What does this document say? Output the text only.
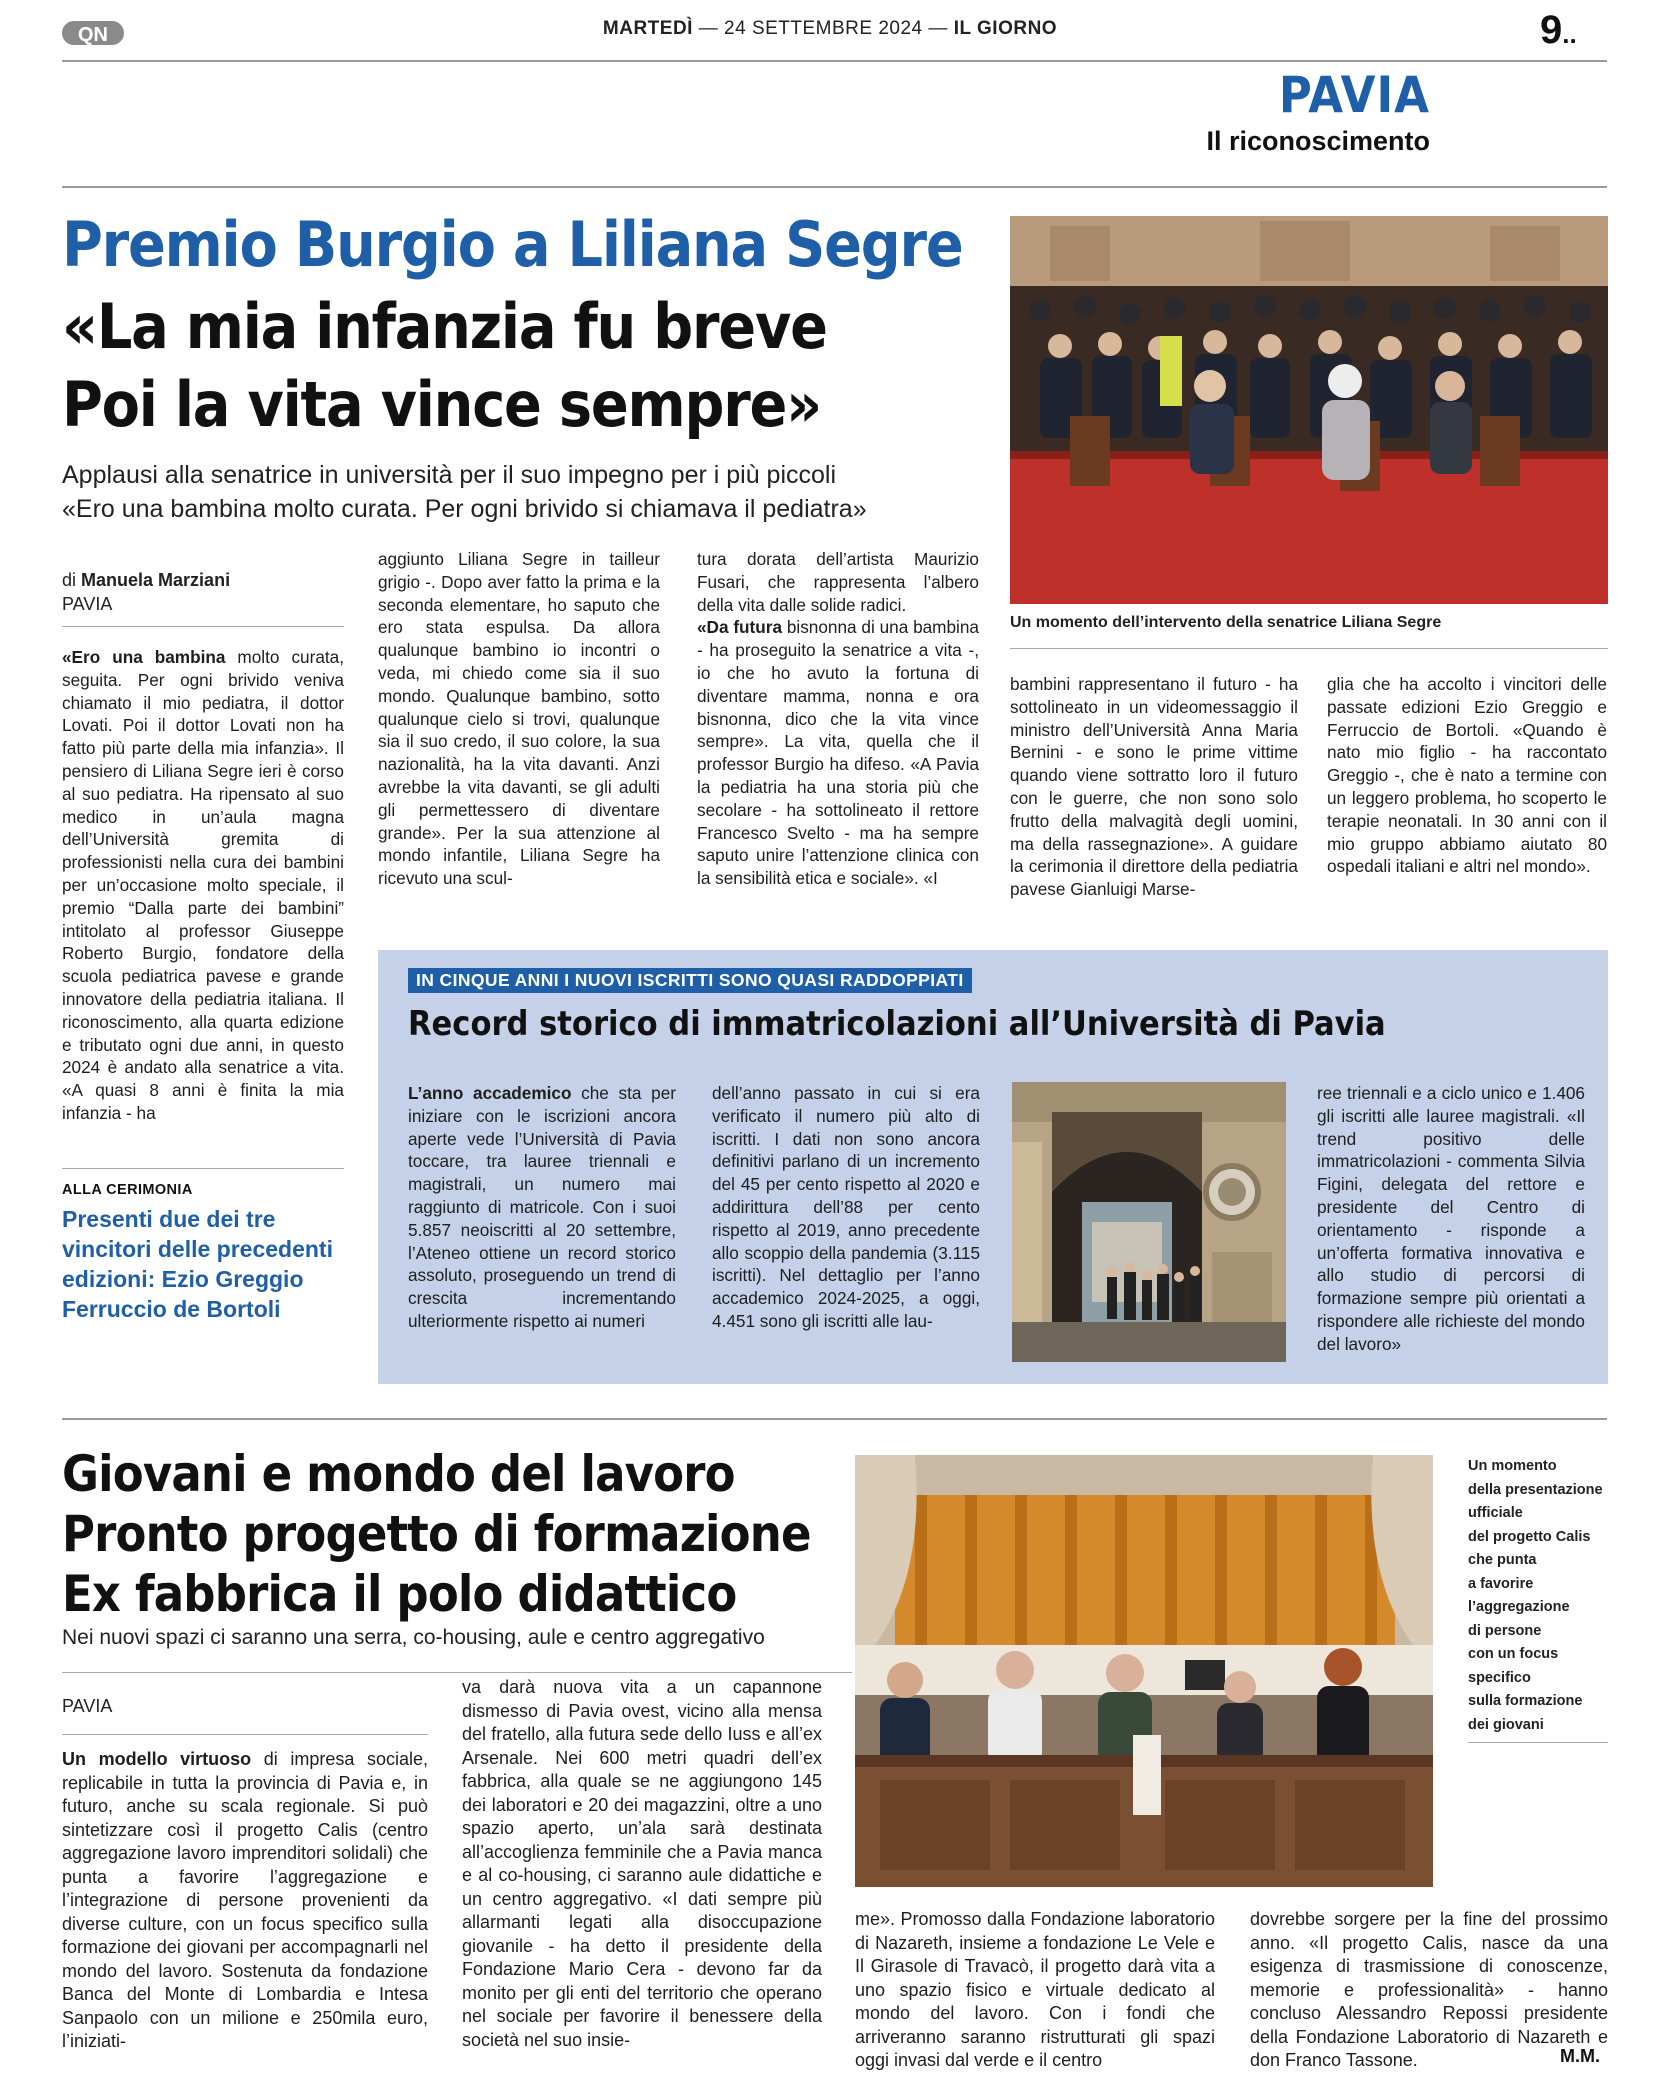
QN	MARTEDÌ — 24 SETTEMBRE 2024 — IL GIORNO	9..
PAVIA
Il riconoscimento
Premio Burgio a Liliana Segre
«La mia infanzia fu breve
Poi la vita vince sempre»
Applausi alla senatrice in università per il suo impegno per i più piccoli
«Ero una bambina molto curata. Per ogni brivido si chiamava il pediatra»
Un momento dell’intervento della senatrice Liliana Segre
di Manuela Marziani
PAVIA

«Ero una bambina molto curata, seguita. Per ogni brivido veniva chiamato il mio pediatra, il dottor Lovati. Poi il dottor Lovati non ha fatto più parte della mia infanzia». Il pensiero di Liliana Segre ieri è corso al suo pediatra. Ha ripensato al suo medico in un’aula magna dell’Università gremita di professionisti nella cura dei bambini per un’occasione molto speciale, il premio “Dalla parte dei bambini” intitolato al professor Giuseppe Roberto Burgio, fondatore della scuola pediatrica pavese e grande innovatore della pediatria italiana. Il riconoscimento, alla quarta edizione e tributato ogni due anni, in questo 2024 è andato alla senatrice a vita. «A quasi 8 anni è finita la mia infanzia - ha

aggiunto Liliana Segre in tailleur grigio -. Dopo aver fatto la prima e la seconda elementare, ho saputo che ero stata espulsa. Da allora qualunque bambino io incontri o veda, mi chiedo come sia il suo mondo. Qualunque bambino, sotto qualunque cielo si trovi, qualunque sia il suo credo, il suo colore, la sua nazionalità, ha la vita davanti. Anzi avrebbe la vita davanti, se gli adulti gli permettessero di diventare grande». Per la sua attenzione al mondo infantile, Liliana Segre ha ricevuto una scul-

tura dorata dell’artista Maurizio Fusari, che rappresenta l’albero della vita dalle solide radici.
«Da futura bisnonna di una bambina - ha proseguito la senatrice a vita -, io che ho avuto la fortuna di diventare mamma, nonna e ora bisnonna, dico che la vita vince sempre». La vita, quella che il professor Burgio ha difeso. «A Pavia la pediatria ha una storia più che secolare - ha sottolineato il rettore Francesco Svelto - ma ha sempre saputo unire l’attenzione clinica con la sensibilità etica e sociale». «I

bambini rappresentano il futuro - ha sottolineato in un videomessaggio il ministro dell’Università Anna Maria Bernini - e sono le prime vittime quando viene sottratto loro il futuro con le guerre, che non sono solo frutto della malvagità degli uomini, ma della rassegnazione». A guidare la cerimonia il direttore della pediatria pavese Gianluigi Marse-

glia che ha accolto i vincitori delle passate edizioni Ezio Greggio e Ferruccio de Bortoli. «Quando è nato mio figlio - ha raccontato Greggio -, che è nato a termine con un leggero problema, ho scoperto le terapie neonatali. In 30 anni con il mio gruppo abbiamo aiutato 80 ospedali italiani e altri nel mondo».

ALLA CERIMONIA
Presenti due dei tre vincitori delle precedenti edizioni: Ezio Greggio Ferruccio de Bortoli
IN CINQUE ANNI I NUOVI ISCRITTI SONO QUASI RADDOPPIATI
Record storico di immatricolazioni all’Università di Pavia

L’anno accademico che sta per iniziare con le iscrizioni ancora aperte vede l’Università di Pavia toccare, tra lauree triennali e magistrali, un numero mai raggiunto di matricole. Con i suoi 5.857 neoiscritti al 20 settembre, l’Ateneo ottiene un record storico assoluto, proseguendo un trend di crescita incrementando ulteriormente rispetto ai numeri

dell’anno passato in cui si era verificato il numero più alto di iscritti. I dati non sono ancora definitivi parlano di un incremento del 45 per cento rispetto al 2020 e addirittura dell’88 per cento rispetto al 2019, anno precedente allo scoppio della pandemia (3.115 iscritti). Nel dettaglio per l’anno accademico 2024-2025, a oggi, 4.451 sono gli iscritti alle lau-

ree triennali e a ciclo unico e 1.406 gli iscritti alle lauree magistrali. «Il trend positivo delle immatricolazioni - commenta Silvia Figini, delegata del rettore e presidente del Centro di orientamento - risponde a un’offerta formativa innovativa e allo studio di percorsi di formazione sempre più orientati a rispondere alle richieste del mondo del lavoro»

Giovani e mondo del lavoro
Pronto progetto di formazione
Ex fabbrica il polo didattico
Nei nuovi spazi ci saranno una serra, co-housing, aule e centro aggregativo
PAVIA

Un modello virtuoso di impresa sociale, replicabile in tutta la provincia di Pavia e, in futuro, anche su scala regionale. Si può sintetizzare così il progetto Calis (centro aggregazione lavoro imprenditori solidali) che punta a favorire l’aggregazione e l’integrazione di persone provenienti da diverse culture, con un focus specifico sulla formazione dei giovani per accompagnarli nel mondo del lavoro. Sostenuta da fondazione Banca del Monte di Lombardia e Intesa Sanpaolo con un milione e 250mila euro, l’iniziati-

va darà nuova vita a un capannone dismesso di Pavia ovest, vicino alla mensa del fratello, alla futura sede dello Iuss e all’ex Arsenale. Nei 600 metri quadri dell’ex fabbrica, alla quale se ne aggiungono 145 dei laboratori e 20 dei magazzini, oltre a uno spazio aperto, un’ala sarà destinata all’accoglienza femminile che a Pavia manca e al co-housing, ci saranno aule didattiche e un centro aggregativo. «I dati sempre più allarmanti legati alla disoccupazione giovanile - ha detto il presidente della Fondazione Mario Cera - devono far da monito per gli enti del territorio che operano nel sociale per favorire il benessere della società nel suo insie-

Un momento
della presentazione
ufficiale
del progetto Calis
che punta
a favorire
l’aggregazione
di persone
con un focus
specifico
sulla formazione
dei giovani

me». Promosso dalla Fondazione laboratorio di Nazareth, insieme a fondazione Le Vele e Il Girasole di Travacò, il progetto darà vita a uno spazio fisico e virtuale dedicato al mondo del lavoro. Con i fondi che arriveranno saranno ristrutturati gli spazi oggi invasi dal verde e il centro

dovrebbe sorgere per la fine del prossimo anno. «Il progetto Calis, nasce da una esigenza di trasmissione di conoscenze, memorie e professionalità» - hanno concluso Alessandro Repossi presidente della Fondazione Laboratorio di Nazareth e don Franco Tassone.	M.M.
